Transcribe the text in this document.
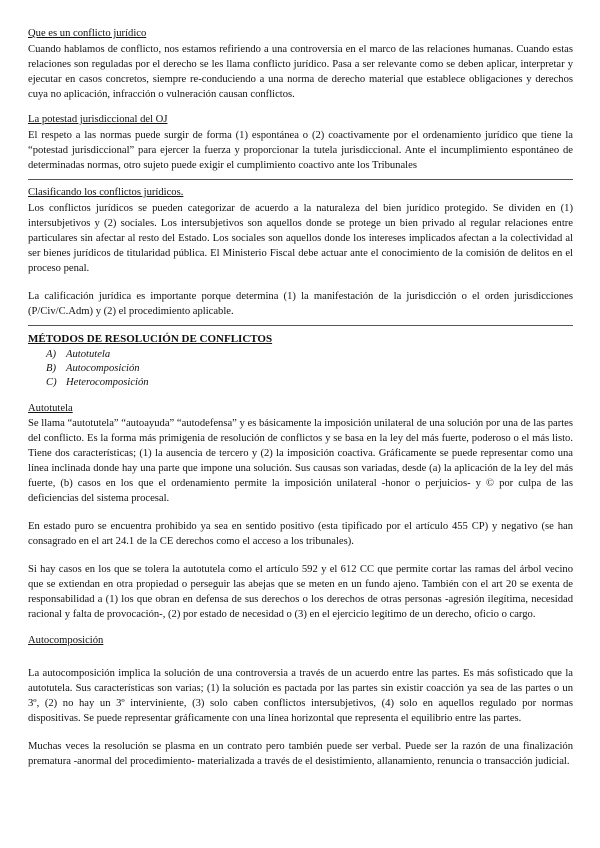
Que es un conflicto jurídico

Cuando hablamos de conflicto, nos estamos refiriendo a una controversia en el marco de las relaciones humanas. Cuando estas relaciones son reguladas por el derecho se les llama conflicto jurídico. Pasa a ser relevante como se deben aplicar, interpretar y ejecutar en casos concretos, siempre re-conduciendo a una norma de derecho material que establece obligaciones y derechos cuya no aplicación, infracción o vulneración causan conflictos.

La potestad jurisdiccional del OJ

El respeto a las normas puede surgir de forma (1) espontánea o (2) coactivamente por el ordenamiento jurídico que tiene la “potestad jurisdiccional” para ejercer la fuerza y proporcionar la tutela jurisdiccional. Ante el incumplimiento espontáneo de determinadas normas, otro sujeto puede exigir el cumplimiento coactivo ante los Tribunales

Clasificando los conflictos jurídicos.

Los conflictos jurídicos se pueden categorizar de acuerdo a la naturaleza del bien jurídico protegido. Se dividen en (1) intersubjetivos y (2) sociales. Los intersubjetivos son aquellos donde se protege un bien privado al regular relaciones entre particulares sin afectar al resto del Estado. Los sociales son aquellos donde los intereses implicados afectan a la colectividad al ser bienes jurídicos de titularidad pública. El Ministerio Fiscal debe actuar ante el conocimiento de la comisión de delitos en el proceso penal.

La calificación jurídica es importante porque determina (1) la manifestación de la jurisdicción o el orden jurisdicciones (P/Civ/C.Adm) y (2) el procedimiento aplicable.

MÉTODOS DE RESOLUCIÓN DE CONFLICTOS

A) Autotutela
B) Autocomposición
C) Heterocomposición

Autotutela

Se llama “autotutela” “autoayuda” “autodefensa” y es básicamente la imposición unilateral de una solución por una de las partes del conflicto. Es la forma más primigenia de resolución de conflictos y se basa en la ley del más fuerte, poderoso o el más listo. Tiene dos características; (1) la ausencia de tercero y (2) la imposición coactiva. Gráficamente se puede representar como una línea inclinada donde hay una parte que impone una solución. Sus causas son variadas, desde (a) la aplicación de la ley del más fuerte, (b) casos en los que el ordenamiento permite la imposición unilateral -honor o perjuicios- y © por culpa de las deficiencias del sistema procesal.

En estado puro se encuentra prohibido ya sea en sentido positivo (esta tipificado por el artículo 455 CP) y negativo (se han consagrado en el art 24.1 de la CE derechos como el acceso a los tribunales).

Si hay casos en los que se tolera la autotutela como el artículo 592 y el 612 CC que permite cortar las ramas del árbol vecino que se extiendan en otra propiedad o perseguir las abejas que se meten en un fundo ajeno. También con el art 20 se exenta de responsabilidad a (1) los que obran en defensa de sus derechos o los derechos de otras personas -agresión ilegítima, necesidad racional y falta de provocación-, (2) por estado de necesidad o (3) en el ejercicio legítimo de un derecho, oficio o cargo.

Autocomposición

La autocomposición implica la solución de una controversia a través de un acuerdo entre las partes. Es más sofisticado que la autotutela. Sus características son varias; (1) la solución es pactada por las partes sin existir coacción ya sea de las partes o un 3º, (2) no hay un 3º interviniente, (3) solo caben conflictos intersubjetivos, (4) solo en aquellos regulado por normas dispositivas. Se puede representar gráficamente con una línea horizontal que representa el equilibrio entre las partes.

Muchas veces la resolución se plasma en un contrato pero también puede ser verbal. Puede ser la razón de una finalización prematura -anormal del procedimiento- materializada a través de el desistimiento, allanamiento, renuncia o transacción judicial.
